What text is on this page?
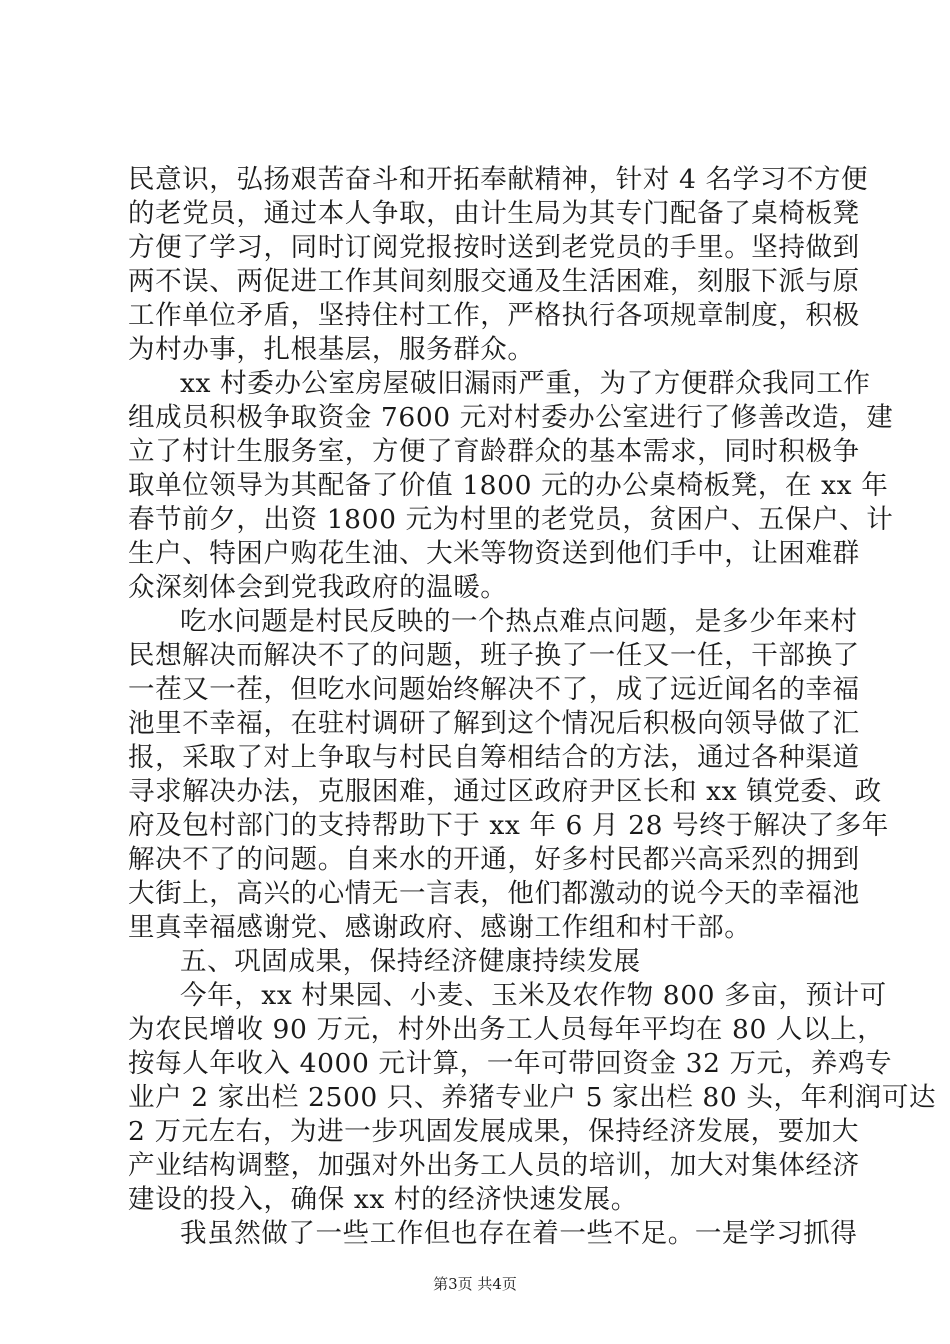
民意识，弘扬艰苦奋斗和开拓奉献精神，针对 4 名学习不方便
的老党员，通过本人争取，由计生局为其专门配备了桌椅板凳
方便了学习，同时订阅党报按时送到老党员的手里。坚持做到
两不误、两促进工作其间刻服交通及生活困难，刻服下派与原
工作单位矛盾，坚持住村工作，严格执行各项规章制度，积极
为村办事，扎根基层，服务群众。
xx 村委办公室房屋破旧漏雨严重，为了方便群众我同工作
组成员积极争取资金 7600 元对村委办公室进行了修善改造，建
立了村计生服务室，方便了育龄群众的基本需求，同时积极争
取单位领导为其配备了价值 1800 元的办公桌椅板凳，在 xx 年
春节前夕，出资 1800 元为村里的老党员，贫困户、五保户、计
生户、特困户购花生油、大米等物资送到他们手中，让困难群
众深刻体会到党我政府的温暖。
吃水问题是村民反映的一个热点难点问题，是多少年来村
民想解决而解决不了的问题，班子换了一任又一任，干部换了
一茬又一茬，但吃水问题始终解决不了，成了远近闻名的幸福
池里不幸福，在驻村调研了解到这个情况后积极向领导做了汇
报，采取了对上争取与村民自筹相结合的方法，通过各种渠道
寻求解决办法，克服困难，通过区政府尹区长和 xx 镇党委、政
府及包村部门的支持帮助下于 xx 年 6 月 28 号终于解决了多年
解决不了的问题。自来水的开通，好多村民都兴高采烈的拥到
大街上，高兴的心情无一言表，他们都激动的说今天的幸福池
里真幸福感谢党、感谢政府、感谢工作组和村干部。
五、巩固成果，保持经济健康持续发展
今年，xx 村果园、小麦、玉米及农作物 800 多亩，预计可
为农民增收 90 万元，村外出务工人员每年平均在 80 人以上，
按每人年收入 4000 元计算，一年可带回资金 32 万元，养鸡专
业户 2 家出栏 2500 只、养猪专业户 5 家出栏 80 头，年利润可达
2 万元左右，为进一步巩固发展成果，保持经济发展，要加大
产业结构调整，加强对外出务工人员的培训，加大对集体经济
建设的投入，确保 xx 村的经济快速发展。
我虽然做了一些工作但也存在着一些不足。一是学习抓得
第3页 共4页
